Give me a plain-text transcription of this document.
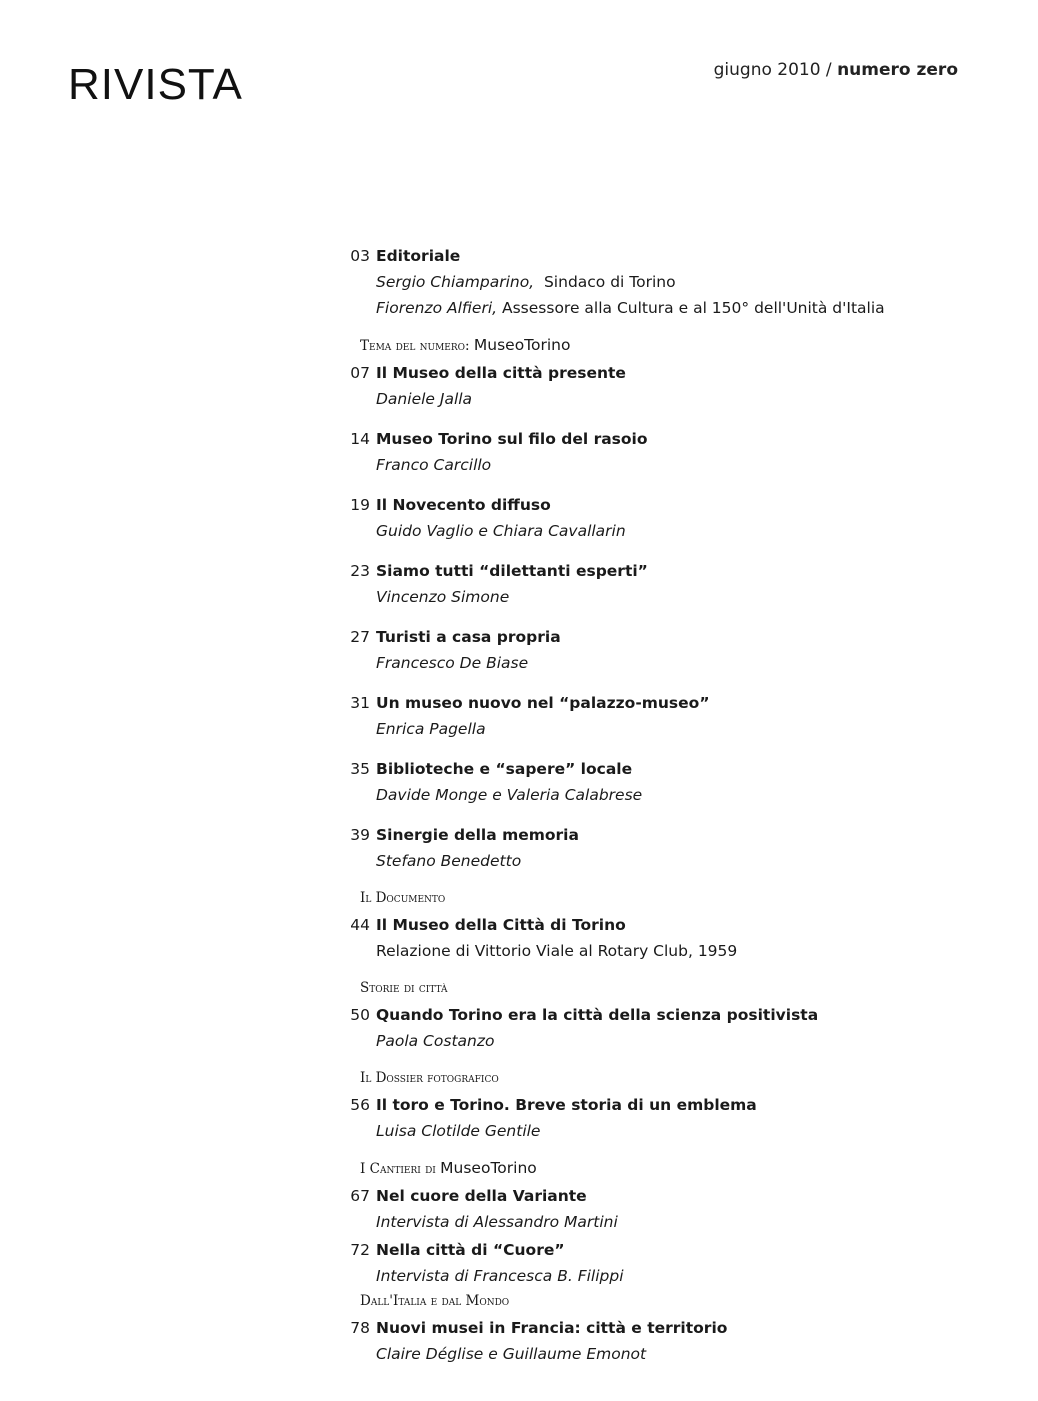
RIVISTA	giugno 2010 / numero zero
03 Editoriale
Sergio Chiamparino, Sindaco di Torino
Fiorenzo Alfieri, Assessore alla Cultura e al 150° dell'Unità d'Italia
Tema del numero: MuseoTorino
07 Il Museo della città presente
Daniele Jalla
14 Museo Torino sul filo del rasoio
Franco Carcillo
19 Il Novecento diffuso
Guido Vaglio e Chiara Cavallarin
23 Siamo tutti “dilettanti esperti”
Vincenzo Simone
27 Turisti a casa propria
Francesco De Biase
31 Un museo nuovo nel “palazzo-museo”
Enrica Pagella
35 Biblioteche e “sapere” locale
Davide Monge e Valeria Calabrese
39 Sinergie della memoria
Stefano Benedetto
Il Documento
44 Il Museo della Città di Torino
Relazione di Vittorio Viale al Rotary Club, 1959
Storie di città
50 Quando Torino era la città della scienza positivista
Paola Costanzo
Il Dossier fotografico
56 Il toro e Torino. Breve storia di un emblema
Luisa Clotilde Gentile
I Cantieri di MuseoTorino
67 Nel cuore della Variante
Intervista di Alessandro Martini
72 Nella città di “Cuore”
Intervista di Francesca B. Filippi
Dall'Italia e dal Mondo
78 Nuovi musei in Francia: città e territorio
Claire Déglise e Guillaume Emonot
